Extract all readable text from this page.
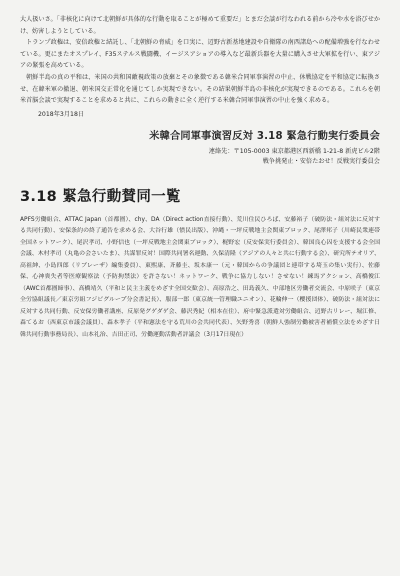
大人扱いさ。「非核化に向けて北朝鮮が具体的な行動を取ることが極めて重要だ」とまだ会談が行なわれる前から冷や水を浴びせかけ、妨害しようとしている。

トランプ政権は、安倍政権と結託し、「北朝鮮の脅威」を口実に、辺野古新基地建設や自衛隊の南西諸島への配備増強を行なわせている。更にまたオスプレイ、F35ステルス戦闘機、イージスアショアの導入など最新兵器を大量に購入させ大軍拡を行い、東アジアの緊張を高めている。

朝鮮半島の真の平和は、米国の共和国敵視政策の放棄とその象徴である韓米合同軍事演習の中止、休戦協定を平和協定に転換させ、在韓米軍の撤退、朝米国交正常化を通じてしか実現できない。その結果朝鮮半島の非核化が実現できるのである。これらを朝米首脳会談で実現することを求めると共に、これらの動きに全く逆行する米韓合同軍事演習の中止を強く求める。

2018年3月18日
米韓合同軍事演習反対 3.18 緊急行動実行委員会
連絡先：〒105-0003 東京都港区西新橋 1-21-8 新虎ビル2階
戦争挑発止・安倍たおせ！反戦実行委員会
3.18 緊急行動賛同一覧

APFS労働組合、ATTAC Japan（首都圏）、chy、DA（Direct action直接行動）、荒川住民ひろば、安藤裕子（破防法・組対法に反対する共同行動）、安保条約の終了通告を求める会、大谷行雄（憤民出版）、沖縄・一坪反戦地主会関東ブロック、尾澤邦子（川崎民衆連帯全国ネットワーク）、尾沢孝司、小野信也（一坪反戦地主会関東ブロック）、梶野宏（反安保実行委員会）、韓国良心囚を支援する会全国会議、木村孝司（丸亀の会さいたま）、共謀罪反対！国際共同署名運動、久保清隆（アジアの人々と共に行動する会）、研究所テオリア、高祖紳、小島四郎（リブレーザ）編集委員）、東熙康、斉藤圭、坂本康一（元・韓国からの争議団と連帯する埼玉の集い実行）、佐藤保、心神喪失者等医療観察法（予防拘禁法）を許さない！ネットワーク、戦争に協力しない！させない！練馬アクション、高橋俊江（AWC首都圏締事）、高橋靖久（平和と民主主義をめざす全国交歓会）、高原浩之、田島義久、中部地区労働者交流会、中原咲子（東京全労協組議長／東京労組フジビグループ分会書記長）、服部一郎（東京統一管理職ユニオン）、花輪伸一（櫻援団体）、破防法・組対法に反対する共同行動、反安保労働者講座、反原発グゲダゲ会、藤沢秀紀（相本在住）、府中緊急派遣対労働組合、辺野古リレー、堀江修、森てるお（西東京市議会議員）、森本孝子（平和憲法を守る荒川の会共同代表）、矢野秀喜（朝鮮人強制労働被害者補償立法をめざす日韓共同行動事務局長）、山本礼治、吉田正司、労働運動活動者評議会（3月17日現在）
